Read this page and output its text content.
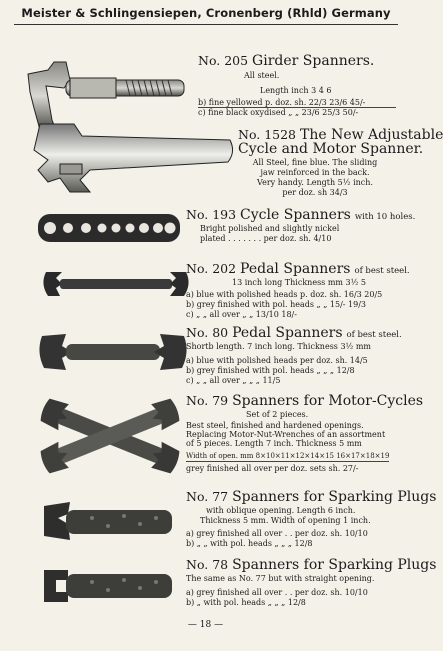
Meister & Schlingensiepen, Cronenberg (Rhld) Germany
No. 205 Girder Spanners.
All steel.
Length inch 3 4 6
b) fine yellowed p. doz. sh. 22/3 23/6 45/-
c) fine black oxydised „ „ 23/6 25/3 50/-
No. 1528 The New Adjustable
Cycle and Motor Spanner.
All Steel, fine blue. The sliding
jaw reinforced in the back.
Very handy. Length 5½ inch.
per doz. sh 34/3
No. 193 Cycle Spanners with 10 holes.
Bright polished and slightly nickel
plated . . . . . . . per doz. sh. 4/10
No. 202 Pedal Spanners of best steel.
13 inch long Thickness mm 3½ 5
a) blue with polished heads p. doz. sh. 16/3 20/5
b) grey finished with pol. heads „ „ 15/- 19/3
c) „ „ all over „ „ 13/10 18/-
No. 80 Pedal Spanners of best steel.
Shortb length. 7 inch long. Thickness 3½ mm
a) blue with polished heads per doz. sh. 14/5
b) grey finished with pol. heads „ „ „ 12/8
c) „ „ all over „ „ „ 11/5
No. 79 Spanners for Motor-Cycles
Set of 2 pieces.
Best steel, finished and hardened openings.
Replacing Motor-Nut-Wrenches of an assortment
of 5 pieces. Length 7 inch. Thickness 5 mm
Width of open. mm 8×10×11×12×14×15 16×17×18×19
grey finished all over per doz. sets sh. 27/-
No. 77 Spanners for Sparking Plugs
with oblique opening. Length 6 inch.
Thickness 5 mm. Width of opening 1 inch.
a) grey finished all over . . per doz. sh. 10/10
b) „ „ with pol. heads „ „ „ 12/8
No. 78 Spanners for Sparking Plugs
The same as No. 77 but with straight opening.
a) grey finished all over . . per doz. sh. 10/10
b) „ with pol. heads „ „ „ 12/8
— 18 —
